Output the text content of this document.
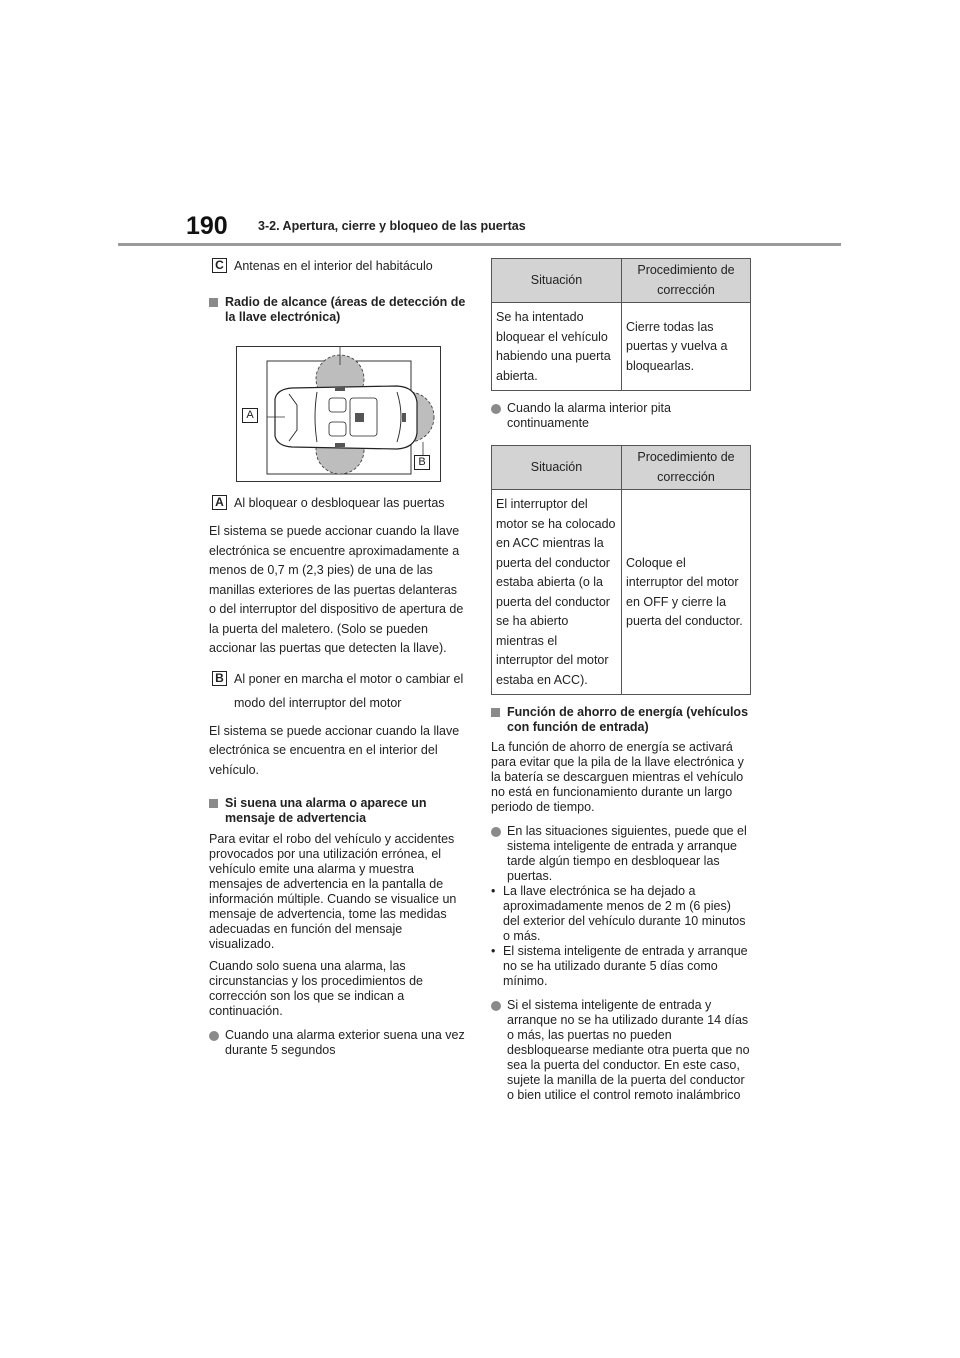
190 3-2. Apertura, cierre y bloqueo de las puertas
C Antenas en el interior del habitáculo
Radio de alcance (áreas de detección de la llave electrónica)
A
B
A Al bloquear o desbloquear las puertas
El sistema se puede accionar cuando la llave electrónica se encuentre aproximadamente a menos de 0,7 m (2,3 pies) de una de las manillas exteriores de las puertas delanteras o del interruptor del dispositivo de apertura de la puerta del maletero. (Solo se pueden accionar las puertas que detecten la llave).
B Al poner en marcha el motor o cambiar el modo del interruptor del motor
El sistema se puede accionar cuando la llave electrónica se encuentra en el interior del vehículo.
Si suena una alarma o aparece un mensaje de advertencia
Para evitar el robo del vehículo y accidentes provocados por una utilización errónea, el vehículo emite una alarma y muestra mensajes de advertencia en la pantalla de información múltiple. Cuando se visualice un mensaje de advertencia, tome las medidas adecuadas en función del mensaje visualizado.
Cuando solo suena una alarma, las circunstancias y los procedimientos de corrección son los que se indican a continuación.
Cuando una alarma exterior suena una vez durante 5 segundos
Situación	Procedimiento de corrección
Se ha intentado bloquear el vehículo habiendo una puerta abierta.	Cierre todas las puertas y vuelva a bloquearlas.
Cuando la alarma interior pita continuamente
Situación	Procedimiento de corrección
El interruptor del motor se ha colocado en ACC mientras la puerta del conductor estaba abierta (o la puerta del conductor se ha abierto mientras el interruptor del motor estaba en ACC).	Coloque el interruptor del motor en OFF y cierre la puerta del conductor.
Función de ahorro de energía (vehículos con función de entrada)
La función de ahorro de energía se activará para evitar que la pila de la llave electrónica y la batería se descarguen mientras el vehículo no está en funcionamiento durante un largo periodo de tiempo.
En las situaciones siguientes, puede que el sistema inteligente de entrada y arranque tarde algún tiempo en desbloquear las puertas.
• La llave electrónica se ha dejado a aproximadamente menos de 2 m (6 pies) del exterior del vehículo durante 10 minutos o más.
• El sistema inteligente de entrada y arranque no se ha utilizado durante 5 días como mínimo.
Si el sistema inteligente de entrada y arranque no se ha utilizado durante 14 días o más, las puertas no pueden desbloquearse mediante otra puerta que no sea la puerta del conductor. En este caso, sujete la manilla de la puerta del conductor o bien utilice el control remoto inalámbrico
